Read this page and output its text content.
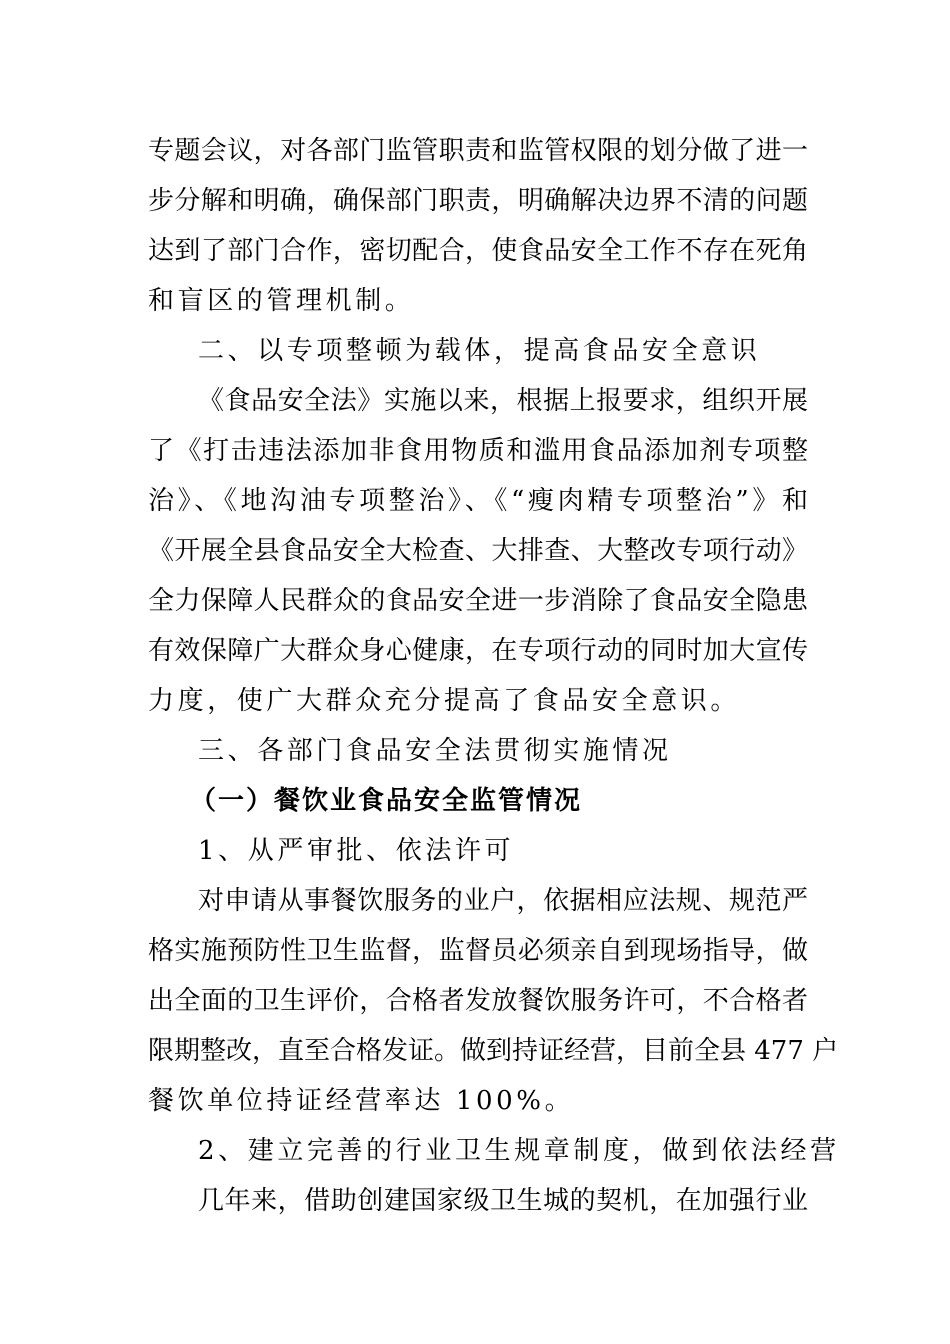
专题会议，对各部门监管职责和监管权限的划分做了进一
步分解和明确，确保部门职责，明确解决边界不清的问题
达到了部门合作，密切配合，使食品安全工作不存在死角
和盲区的管理机制。
二、以专项整顿为载体，提高食品安全意识
《食品安全法》实施以来，根据上报要求，组织开展
了《打击违法添加非食用物质和滥用食品添加剂专项整
治》、《地沟油专项整治》、《“瘦肉精专项整治”》和
《开展全县食品安全大检查、大排查、大整改专项行动》
全力保障人民群众的食品安全进一步消除了食品安全隐患
有效保障广大群众身心健康，在专项行动的同时加大宣传
力度，使广大群众充分提高了食品安全意识。
三、各部门食品安全法贯彻实施情况
（一）餐饮业食品安全监管情况
1、从严审批、依法许可
对申请从事餐饮服务的业户，依据相应法规、规范严
格实施预防性卫生监督，监督员必须亲自到现场指导，做
出全面的卫生评价，合格者发放餐饮服务许可，不合格者
限期整改，直至合格发证。做到持证经营，目前全县 477 户
餐饮单位持证经营率达 100%。
2、建立完善的行业卫生规章制度，做到依法经营
几年来，借助创建国家级卫生城的契机，在加强行业
